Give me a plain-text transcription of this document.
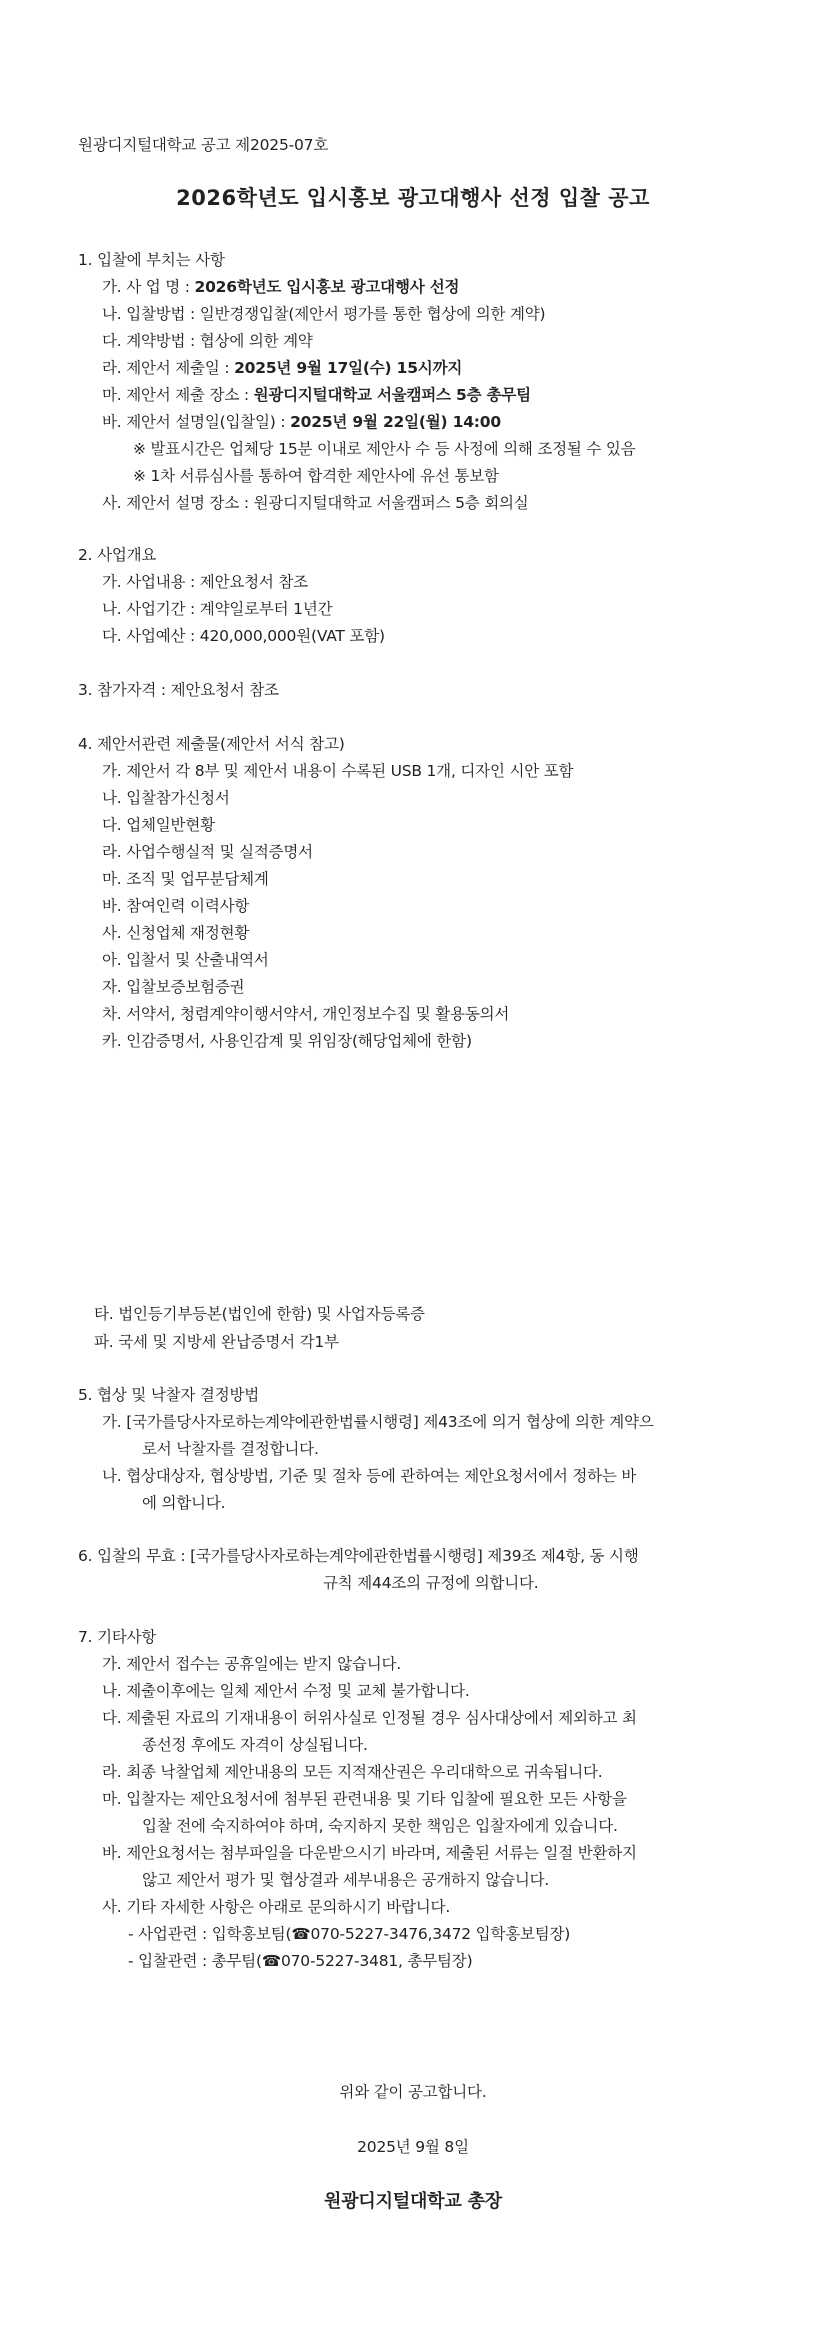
원광디지털대학교 공고 제2025-07호
2026학년도 입시홍보 광고대행사 선정 입찰 공고
1. 입찰에 부치는 사항
가. 사 업 명 : 2026학년도 입시홍보 광고대행사 선정
나. 입찰방법 : 일반경쟁입찰(제안서 평가를 통한 협상에 의한 계약)
다. 계약방법 : 협상에 의한 계약
라. 제안서 제출일 : 2025년 9월 17일(수) 15시까지
마. 제안서 제출 장소 : 원광디지털대학교 서울캠퍼스 5층 총무팀
바. 제안서 설명일(입찰일) : 2025년 9월 22일(월) 14:00
※ 발표시간은 업체당 15분 이내로 제안사 수 등 사정에 의해 조정될 수 있음
※ 1차 서류심사를 통하여 합격한 제안사에 유선 통보함
사. 제안서 설명 장소 : 원광디지털대학교 서울캠퍼스 5층 회의실
2. 사업개요
가. 사업내용 : 제안요청서 참조
나. 사업기간 : 계약일로부터 1년간
다. 사업예산 : 420,000,000원(VAT 포함)
3. 참가자격 : 제안요청서 참조
4. 제안서관련 제출물(제안서 서식 참고)
가. 제안서 각 8부 및 제안서 내용이 수록된 USB 1개, 디자인 시안 포함
나. 입찰참가신청서
다. 업체일반현황
라. 사업수행실적 및 실적증명서
마. 조직 및 업무분담체계
바. 참여인력 이력사항
사. 신청업체 재정현황
아. 입찰서 및 산출내역서
자. 입찰보증보험증권
차. 서약서, 청렴계약이행서약서, 개인정보수집 및 활용동의서
카. 인감증명서, 사용인감계 및 위임장(해당업체에 한함)
타. 법인등기부등본(법인에 한함) 및 사업자등록증
파. 국세 및 지방세 완납증명서 각1부
5. 협상 및 낙찰자 결정방법
가. [국가를당사자로하는계약에관한법률시행령] 제43조에 의거 협상에 의한 계약으
로서 낙찰자를 결정합니다.
나. 협상대상자, 협상방법, 기준 및 절차 등에 관하여는 제안요청서에서 정하는 바
에 의합니다.
6. 입찰의 무효 : [국가를당사자로하는계약에관한법률시행령] 제39조 제4항, 동 시행
규칙 제44조의 규정에 의합니다.
7. 기타사항
가. 제안서 접수는 공휴일에는 받지 않습니다.
나. 제출이후에는 일체 제안서 수정 및 교체 불가합니다.
다. 제출된 자료의 기재내용이 허위사실로 인정될 경우 심사대상에서 제외하고 최
종선정 후에도 자격이 상실됩니다.
라. 최종 낙찰업체 제안내용의 모든 지적재산권은 우리대학으로 귀속됩니다.
마. 입찰자는 제안요청서에 첨부된 관련내용 및 기타 입찰에 필요한 모든 사항을
입찰 전에 숙지하여야 하며, 숙지하지 못한 책임은 입찰자에게 있습니다.
바. 제안요청서는 첨부파일을 다운받으시기 바라며, 제출된 서류는 일절 반환하지
않고 제안서 평가 및 협상결과 세부내용은 공개하지 않습니다.
사. 기타 자세한 사항은 아래로 문의하시기 바랍니다.
- 사업관련 : 입학홍보팀(☎070-5227-3476,3472 입학홍보팀장)
- 입찰관련 : 총무팀(☎070-5227-3481, 총무팀장)
위와 같이 공고합니다.
2025년 9월 8일
원광디지털대학교 총장
